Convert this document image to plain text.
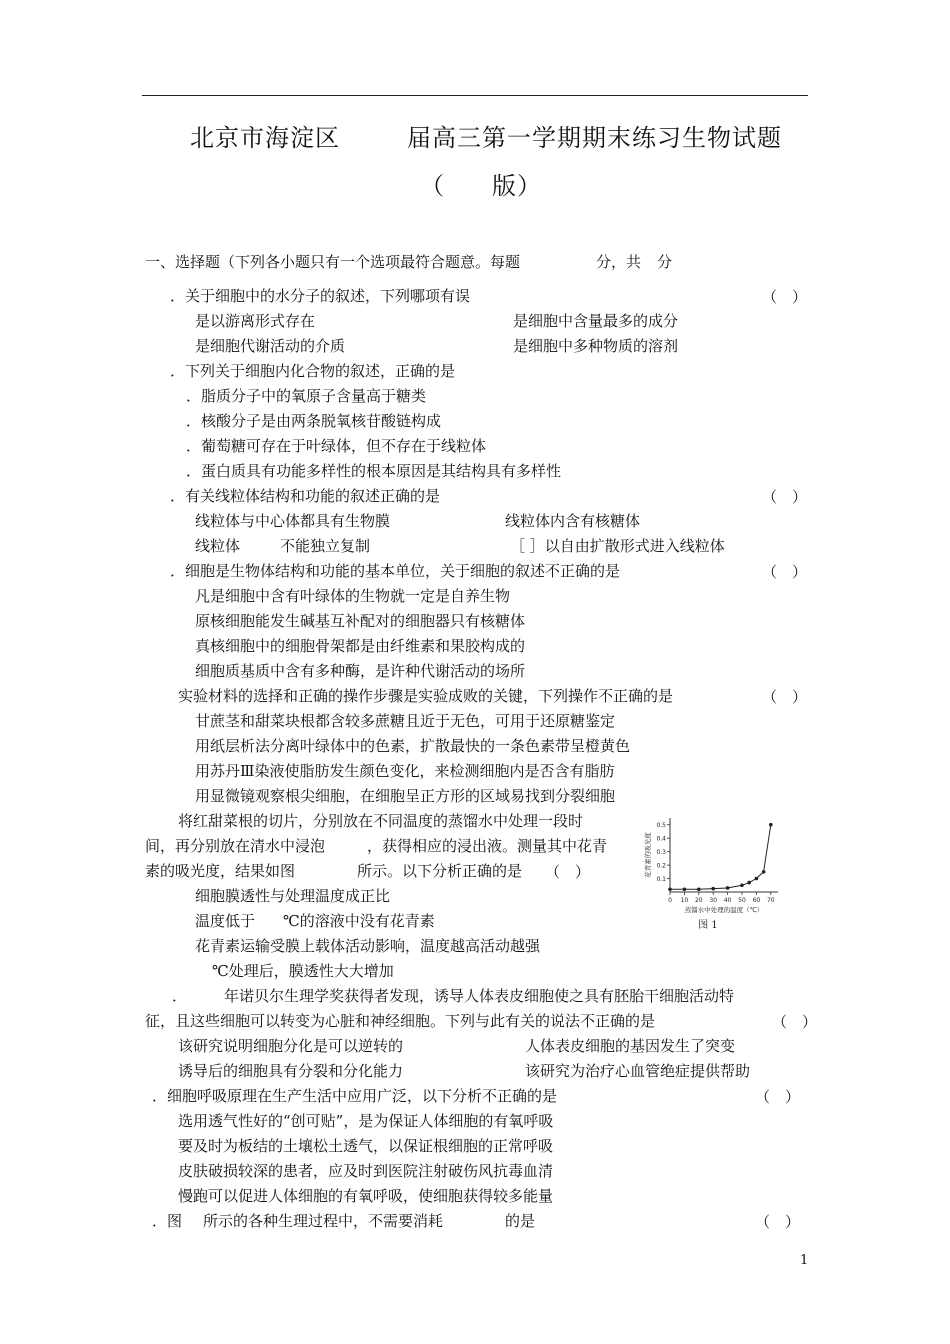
北京市海淀区	届高三第一学期期末练习生物试题
（ 版）
一、选择题（下列各小题只有一个选项最符合题意。每题	分，共 分
．关于细胞中的水分子的叙述，下列哪项有误	（　）
是以游离形式存在	是细胞中含量最多的成分
是细胞代谢活动的介质	是细胞中多种物质的溶剂
．下列关于细胞内化合物的叙述，正确的是
．脂质分子中的氧原子含量高于糖类
．核酸分子是由两条脱氧核苷酸链构成
．葡萄糖可存在于叶绿体，但不存在于线粒体
．蛋白质具有功能多样性的根本原因是其结构具有多样性
．有关线粒体结构和功能的叙述正确的是	（　）
线粒体与中心体都具有生物膜	线粒体内含有核糖体
线粒体	不能独立复制	［ ］以自由扩散形式进入线粒体
．细胞是生物体结构和功能的基本单位，关于细胞的叙述不正确的是	（　）
凡是细胞中含有叶绿体的生物就一定是自养生物
原核细胞能发生碱基互补配对的细胞器只有核糖体
真核细胞中的细胞骨架都是由纤维素和果胶构成的
细胞质基质中含有多种酶，是许种代谢活动的场所
实验材料的选择和正确的操作步骤是实验成败的关键，下列操作不正确的是	（　）
甘蔗茎和甜菜块根都含较多蔗糖且近于无色，可用于还原糖鉴定
用纸层析法分离叶绿体中的色素，扩散最快的一条色素带呈橙黄色
用苏丹Ⅲ染液使脂肪发生颜色变化，来检测细胞内是否含有脂肪
用显微镜观察根尖细胞，在细胞呈正方形的区域易找到分裂细胞
将红甜菜根的切片，分别放在不同温度的蒸馏水中处理一段时
间，再分别放在清水中浸泡	，获得相应的浸出液。测量其中花青
素的吸光度，结果如图	所示。以下分析正确的是 （　）
细胞膜透性与处理温度成正比
温度低于 ℃的溶液中没有花青素
花青素运输受膜上载体活动影响，温度越高活动越强
℃处理后，膜透性大大增加
0.1
0.2
0.3
0.4
0.5
0 10 20 30 40 50 60 70
花青素的吸光度
蒸馏水中处理的温度（℃）
图 1
． 年诺贝尔生理学奖获得者发现，诱导人体表皮细胞使之具有胚胎干细胞活动特
征，且这些细胞可以转变为心脏和神经细胞。下列与此有关的说法不正确的是	（　）
该研究说明细胞分化是可以逆转的	人体表皮细胞的基因发生了突变
诱导后的细胞具有分裂和分化能力	该研究为治疗心血管绝症提供帮助
．细胞呼吸原理在生产生活中应用广泛，以下分析不正确的是	（　）
选用透气性好的“创可贴”，是为保证人体细胞的有氧呼吸
要及时为板结的土壤松土透气，以保证根细胞的正常呼吸
皮肤破损较深的患者，应及时到医院注射破伤风抗毒血清
慢跑可以促进人体细胞的有氧呼吸，使细胞获得较多能量
．图 所示的各种生理过程中，不需要消耗	的是	（　）
1
